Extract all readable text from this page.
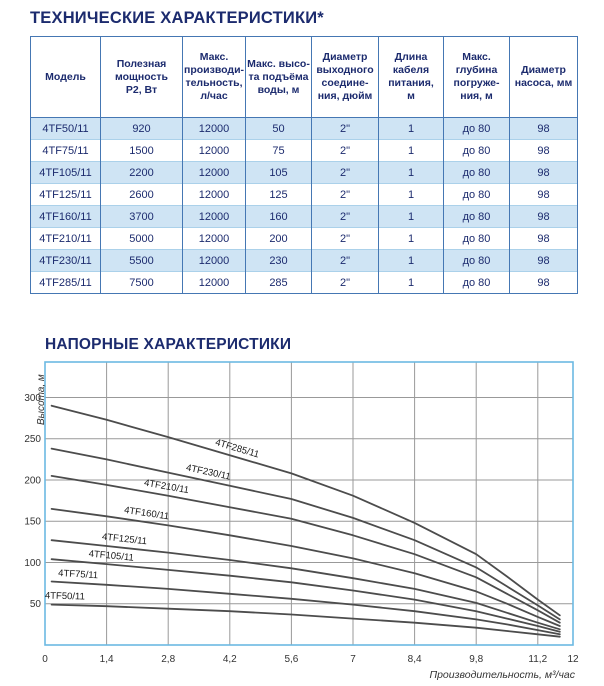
ТЕХНИЧЕСКИЕ ХАРАКТЕРИСТИКИ*
Модель	Полезная
мощность
Р2, Вт	Макс.
производи-
тельность,
л/час	Макс. высо-
та подъёма
воды, м	Диаметр
выходного
соедине-
ния, дюйм	Длина
кабеля
питания,
м	Макс.
глубина
погруже-
ния, м	Диаметр
насоса, мм
4TF50/11	920	12000	50	2"	1	до 80	98
4TF75/11	1500	12000	75	2"	1	до 80	98
4TF105/11	2200	12000	105	2"	1	до 80	98
4TF125/11	2600	12000	125	2"	1	до 80	98
4TF160/11	3700	12000	160	2"	1	до 80	98
4TF210/11	5000	12000	200	2"	1	до 80	98
4TF230/11	5500	12000	230	2"	1	до 80	98
4TF285/11	7500	12000	285	2"	1	до 80	98
НАПОРНЫЕ ХАРАКТЕРИСТИКИ
4TF50/11
4TF75/11
4TF105/11
4TF125/11
4TF160/11
4TF210/11
4TF230/11
4TF285/11
50
100
150
200
250
300
0	1,4	2,8	4,2	5,6	7	8,4	9,8	11,2 12
Высота, м
Производительность, м³/час
